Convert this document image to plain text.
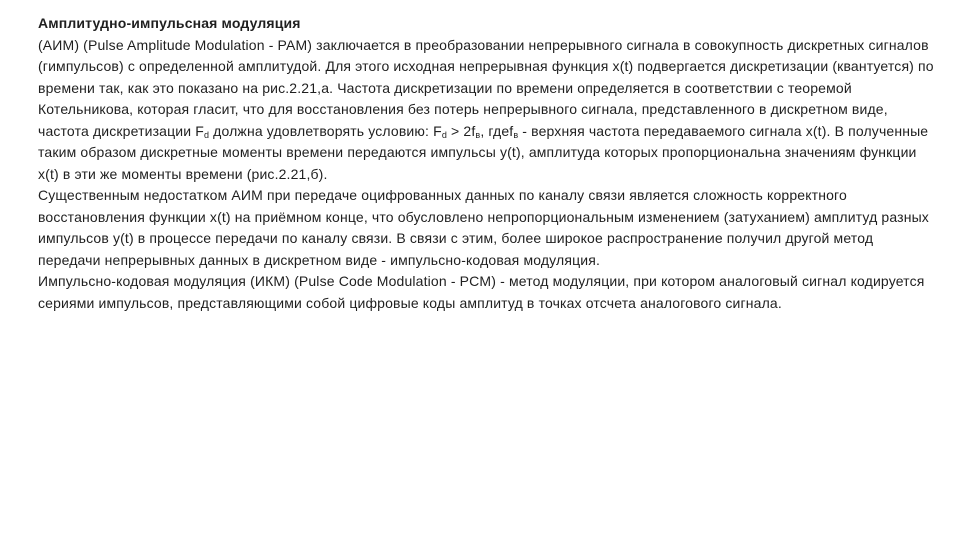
Амплитудно-импульсная модуляция

(АИМ) (Pulse Amplitude Modulation - PAM) заключается в преобразовании непрерывного сигнала в совокупность дискретных сигналов (гимпульсов) с определенной амплитудой. Для этого исходная непрерывная функция x(t) подвергается дискретизации (квантуется) по времени так, как это показано на рис.2.21,а. Частота дискретизации по времени определяется в соответствии с теоремой Котельникова, которая гласит, что для восстановления без потерь непрерывного сигнала, представленного в дискретном виде, частота дискретизации $F_d$ должна удовлетворять условию: $F_d > 2f_в$, гдеf$_в$ - верхняя частота передаваемого сигнала x(t). В полученные таким образом дискретные моменты времени передаются импульсы y(t), амплитуда которых пропорциональна значениям функции x(t) в эти же моменты времени (рис.2.21,б).

Существенным недостатком АИМ при передаче оцифрованных данных по каналу связи является сложность корректного восстановления функции x(t) на приёмном конце, что обусловлено непропорциональным изменением (затуханием) амплитуд разных импульсов y(t) в процессе передачи по каналу связи. В связи с этим, более широкое распространение получил другой метод передачи непрерывных данных в дискретном виде - импульсно-кодовая модуляция.

Импульсно-кодовая модуляция (ИКМ) (Pulse Code Modulation - PCM) - метод модуляции, при котором аналоговый сигнал кодируется сериями импульсов, представляющими собой цифровые коды амплитуд в точках отсчета аналогового сигнала.
